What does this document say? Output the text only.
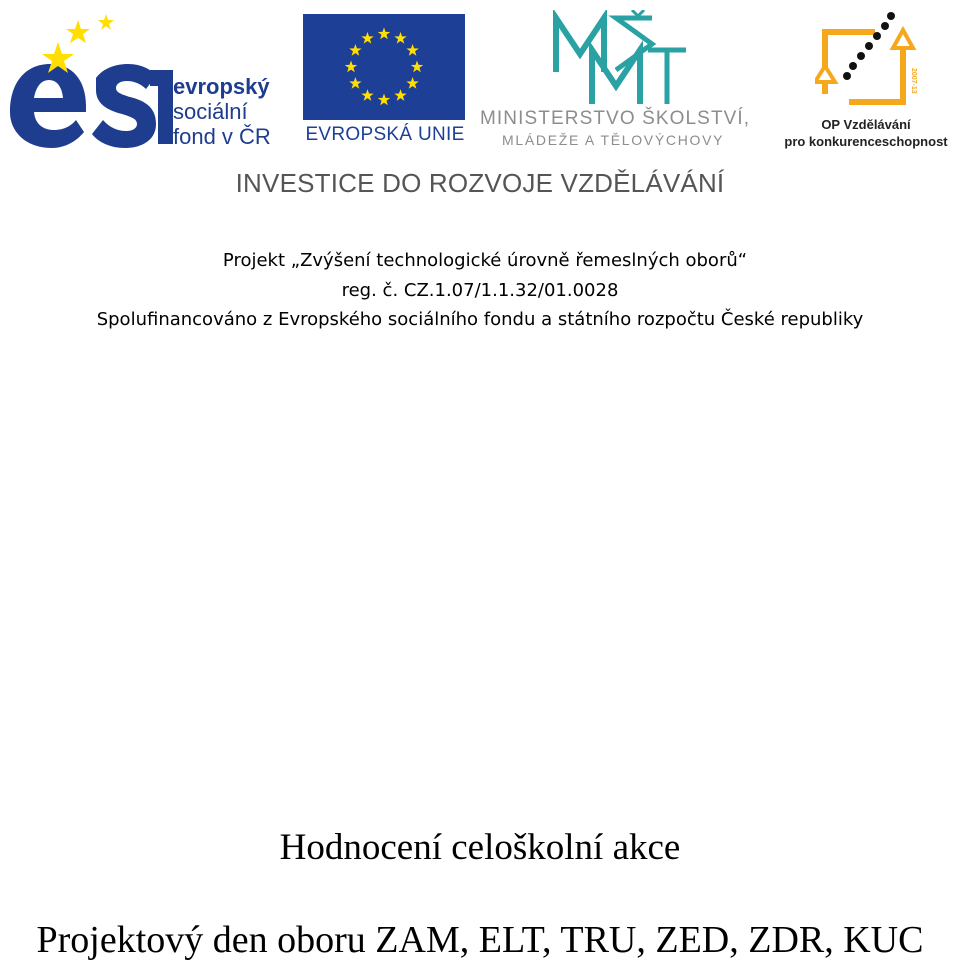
evropský
sociální
fond v ČR EVROPSKÁ UNIE
MINISTERSTVO ŠKOLSTVÍ,
MLÁDEŽE A TĚLOVÝCHOVY
2007-13
OP Vzdělávání
pro konkurenceschopnost
INVESTICE DO ROZVOJE VZDĚLÁVÁNÍ
Projekt „Zvýšení technologické úrovně řemeslných oborů“
reg. č. CZ.1.07/1.1.32/01.0028
Spolufinancováno z Evropského sociálního fondu a státního rozpočtu České republiky
Hodnocení celoškolní akce
Projektový den oboru ZAM, ELT, TRU, ZED, ZDR, KUC
